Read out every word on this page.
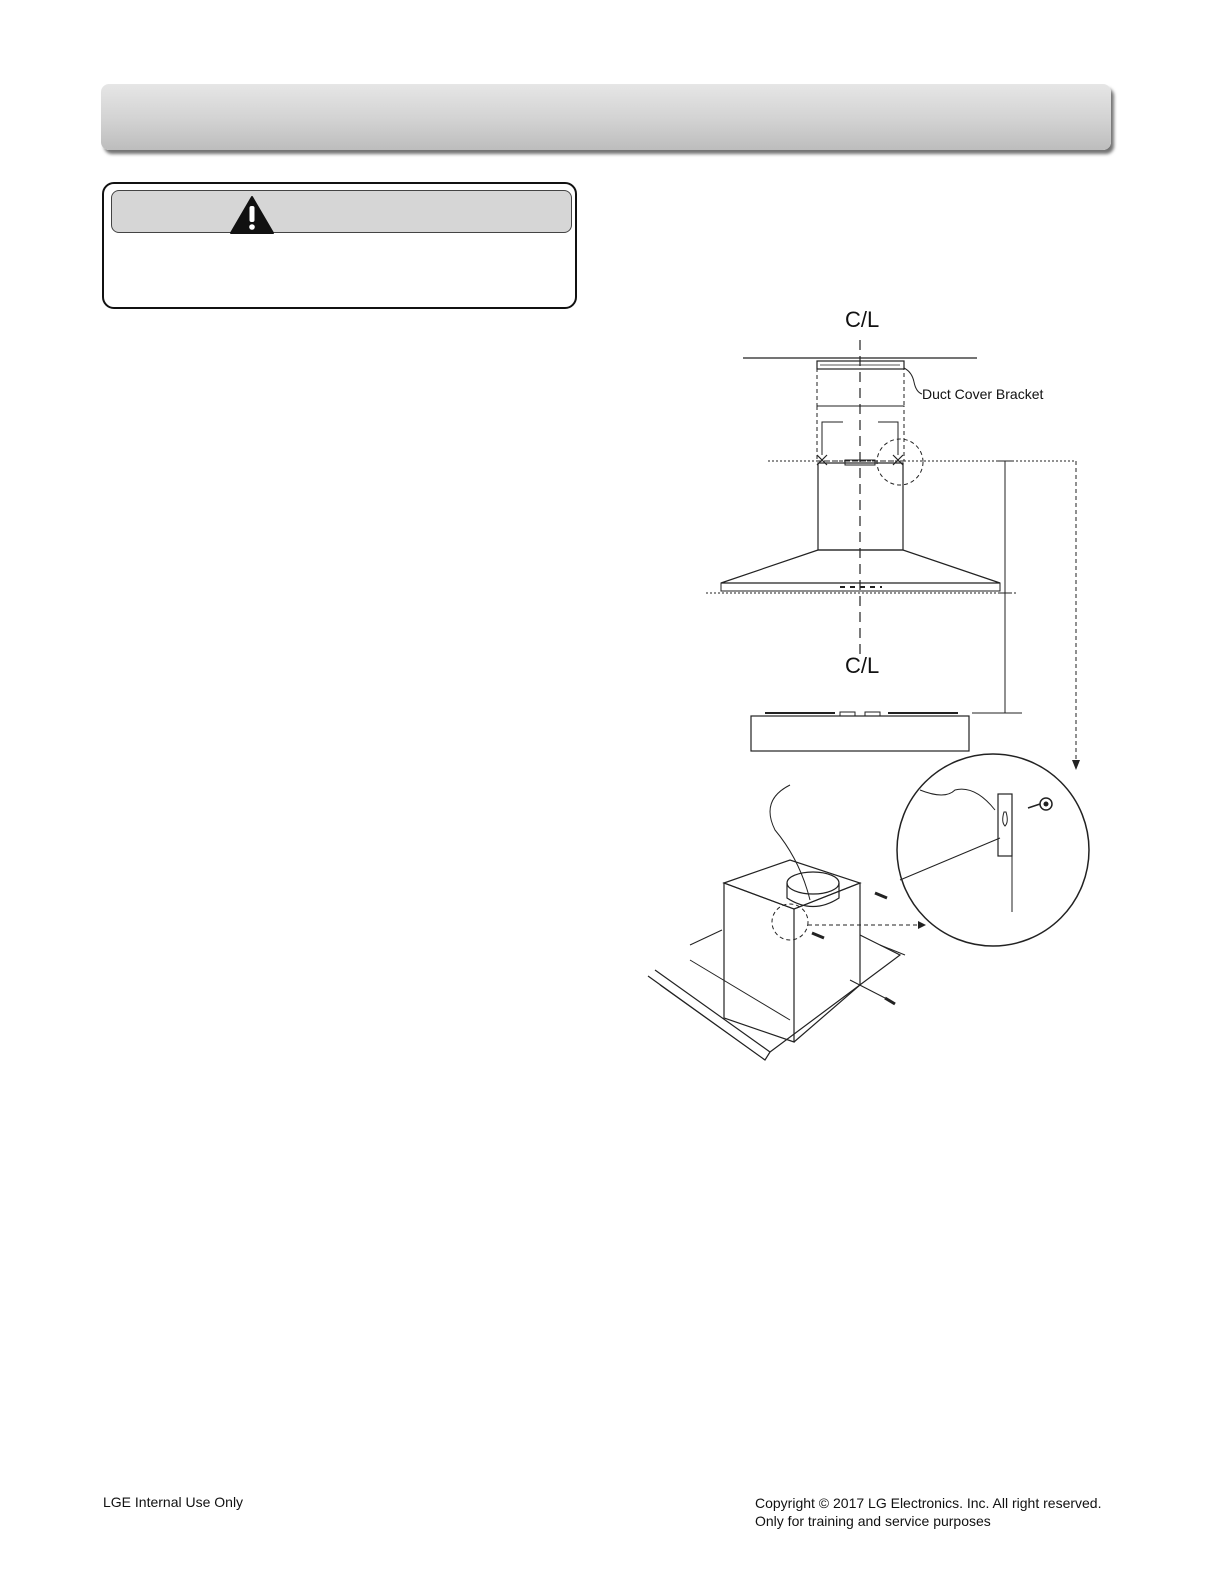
C/L
C/L
Duct Cover Bracket
LGE Internal Use Only	Copyright © 2017 LG Electronics. Inc. All right reserved.
Only for training and service purposes
